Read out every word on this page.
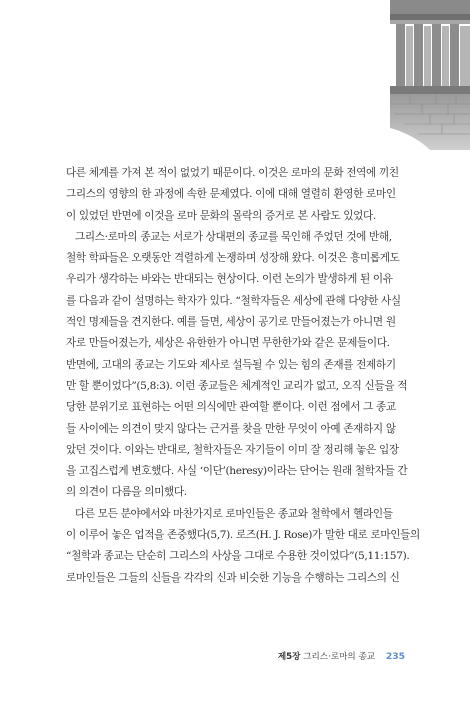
다른 체계를 가져 본 적이 없었기 때문이다. 이것은 로마의 문화 전역에 끼친
그리스의 영향의 한 과정에 속한 문제였다. 이에 대해 열렬히 환영한 로마인
이 있었던 반면에 이것을 로마 문화의 몰락의 증거로 본 사람도 있었다.

그리스·로마의 종교는 서로가 상대편의 종교를 묵인해 주었던 것에 반해,
철학 학파들은 오랫동안 격렬하게 논쟁하며 성장해 왔다. 이것은 흥미롭게도
우리가 생각하는 바와는 반대되는 현상이다. 이런 논의가 발생하게 된 이유
를 다음과 같이 설명하는 학자가 있다. “철학자들은 세상에 관해 다양한 사실
적인 명제들을 견지한다. 예를 들면, 세상이 공기로 만들어졌는가 아니면 원
자로 만들어졌는가, 세상은 유한한가 아니면 무한한가와 같은 문제들이다.
반면에, 고대의 종교는 기도와 제사로 설득될 수 있는 힘의 존재를 전제하기
만 할 뿐이었다”(5,8:3). 이런 종교들은 체계적인 교리가 없고, 오직 신들을 적
당한 분위기로 표현하는 어떤 의식에만 관여할 뿐이다. 이런 점에서 그 종교
들 사이에는 의견이 맞지 않다는 근거를 찾을 만한 무엇이 아예 존재하지 않
았던 것이다. 이와는 반대로, 철학자들은 자기들이 이미 잘 정리해 놓은 입장
을 고집스럽게 변호했다. 사실 ‘이단’(heresy)이라는 단어는 원래 철학자들 간
의 의견이 다름을 의미했다.

다른 모든 분야에서와 마찬가지로 로마인들은 종교와 철학에서 헬라인들
이 이루어 놓은 업적을 존중했다(5,7). 로즈(H. J. Rose)가 말한 대로 로마인들의
“철학과 종교는 단순히 그리스의 사상을 그대로 수용한 것이었다”(5,11:157).
로마인들은 그들의 신들을 각각의 신과 비슷한 기능을 수행하는 그리스의 신

제5장 그리스·로마의 종교 235
